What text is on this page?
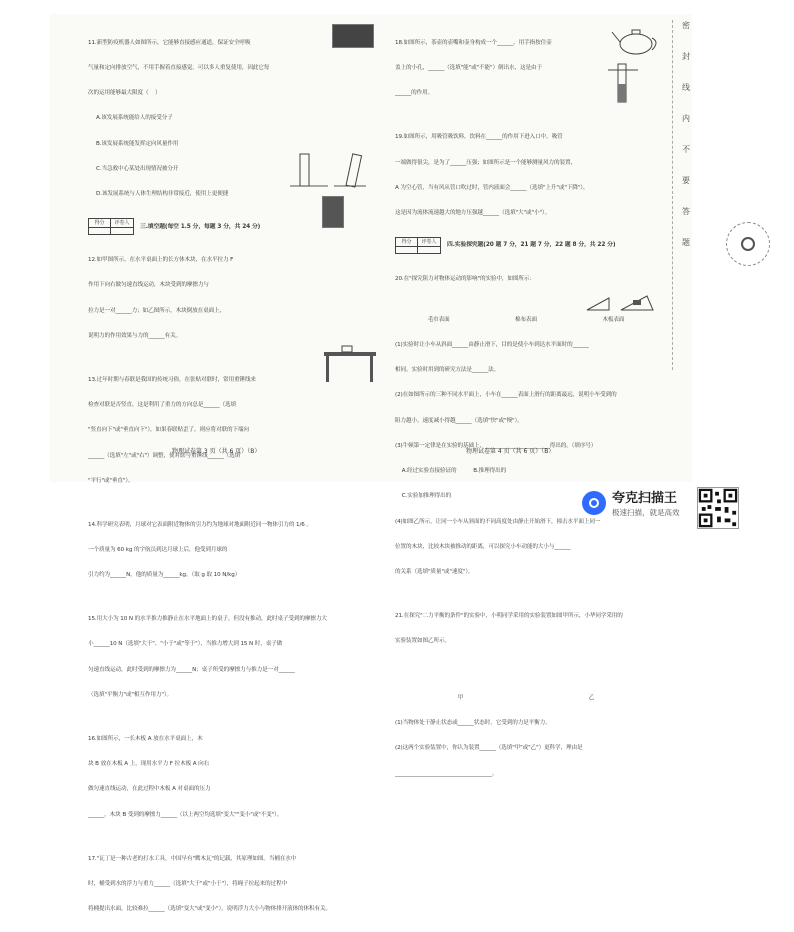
11.新型防疫机器人如图所示，它能够直接感应通道，保证安全呼吸

气量和定向排放空气，不用手握着直接感觉。可以多人重复使用，因此它每

次的运用能够最大限度（    ）

A.该发展系统能给人的接受分子

B.该发展系统能发挥定向风量作用

C.当急救中心某处出现情况被分开

D.该发展系统与人体生理结构非常接近，使用上更便捷

得分	评卷人
三.填空题(每空 1.5 分，每题 3 分，共 24 分)

12.如甲图所示，在水平桌面上的长方体木块，在水平拉力 F

作用下向右做匀速直线运动，木块受到的摩擦力与

拉力是一对______力；如乙图所示，木块倒放在桌面上，

说明力的作用效果与力的______有关。

13.过年时期与春联是我国的传统习俗，在张贴对联时，常用重锤线来

检查对联是否竖直，这是利用了重力的方向总是______（选填

"竖直向下"或"垂直向下"），如果春联贴歪了，则应将对联的下端向

______（选填"左"或"右"）调整，使对联与重锤线______（选填

"平行"或"垂直"）。

14.科学研究表明，月球对它表面附近物体的引力约为地球对地面附近同一物体引力的 1/6 。

一个质量为 60 kg 的宇航员到达月球上后，他受到月球的

引力约为______N，他的质量为______kg。（取 g 取 10 N/kg）

15.用大小为 10 N 的水平推力推静止在水平地面上的桌子，但没有推动，此时桌子受到的摩擦力大

小______10 N（选填"大于"、"小于"或"等于"），当推力增大到 15 N 时，桌子做

匀速直线运动，此时受到的摩擦力为______N；桌子所受的摩擦力与推力是一对______

（选填"平衡力"或"相互作用力"）。

16.如图所示，一长木板 A 放在水平桌面上，木

块 B 放在木板 A 上，现用水平力 F 拉木板 A 向右

做匀速直线运动，在此过程中木板 A 对桌面的压力

______，木块 B 受到的摩擦力______（以上两空均选填"变大""变小"或"不变"）。

17."瓦丁是一种古老的打水工具，中国早有"鹰木瓦"的记载，其原理如图。当桶在水中

时，桶受到水的浮力与重力______（选填"大于"或"小于"），将绳子拉起来的过程中

将桶提出水面，比较难拉______（选填"变大"或"变小"），说明浮力大小与物体排开液体的体积有关。

物理试卷第 3 页（共 6 页）（B）

18.如图所示，茶壶的壶嘴和壶身构成一个______，用手指按住壶

盖上的小孔，______（选填"能"或"不能"）倒出水，这是由于

______的作用。

19.如图所示，用吸管吸饮料，饮料在______的作用下进入口中，吸管

一端做得很尖，是为了______压强；如图所示是一个能够测量风力的装置，

A 为空心管，当有风从管口吹过时，管内液面会______（选填"上升"或"下降"），

这是因为流体流速越大的地方压强越______（选填"大"或"小"）。

得分	评卷人
四.实验探究题(20 题 7 分，21 题 7 分，22 题 8 分，共 22 分)

20.在"探究阻力对物体运动的影响"的实验中，如图所示：

毛巾表面	棉布表面	木板表面

(1)实验时让小车从斜面______由静止滑下，目的是使小车到达水平面时的______

相同。实验时用到的研究方法是______法。

(2)在如图所示的三种不同水平面上，小车在______表面上滑行的距离最远，说明小车受到的

阻力越小，速度减小得越______（选填"快"或"慢"）。

(3)牛顿第一定律是在实验的基础上，________________________得出的。（填序号）

A.经过实验直接验证的          B.推理得出的

C.实验加推理得出的

(4)如图乙所示，让同一小车从斜面的不同高度处由静止开始滑下，撞击水平面上同一

位置的木块，比较木块被推动的距离，可以探究小车动能的大小与______

的关系（选填"质量"或"速度"）。

21.在探究"二力平衡的条件"的实验中，小明同学采用的实验装置如图甲所示，小华同学采用的

实验装置如图乙所示。

甲	乙

(1)当物体处于静止状态或______状态时，它受到的力是平衡力。

(2)这两个实验装置中，你认为装置______（选填"甲"或"乙"）更科学，理由是

____________________________________。

物理试卷第 4 页（共 6 页）（B）
密
封
线
内
不
要
答
题
夸克扫描王
极速扫描，就是高效
